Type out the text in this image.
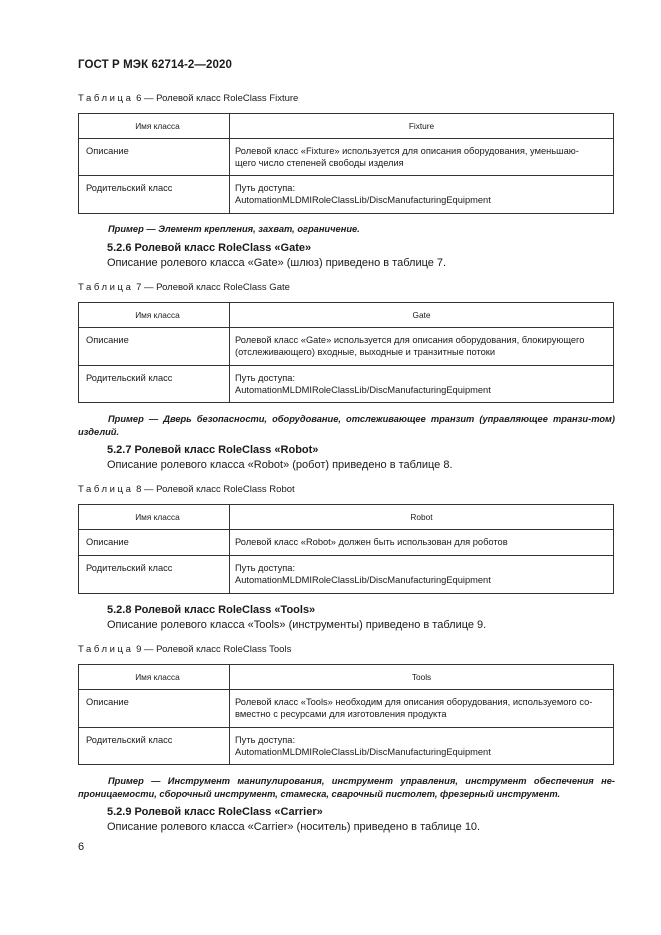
ГОСТ Р МЭК 62714-2—2020
Таблица 6 — Ролевой класс RoleClass Fixture
Имя класса	Fixture
Описание	Ролевой класс «Fixture» используется для описания оборудования, уменьшаю-
щего число степеней свободы изделия

Родительский класс	Путь доступа:
AutomationMLDMIRoleClassLib/DiscManufacturingEquipment
Пример — Элемент крепления, захват, ограничение.
5.2.6 Ролевой класс RoleClass «Gate»
Описание ролевого класса «Gate» (шлюз) приведено в таблице 7.
Таблица 7 — Ролевой класс RoleClass Gate
Имя класса	Gate
Описание	Ролевой класс «Gate» используется для описания оборудования, блокирующего
(отслеживающего) входные, выходные и транзитные потоки

Родительский класс	Путь доступа:
AutomationMLDMIRoleClassLib/DiscManufacturingEquipment
Пример — Дверь безопасности, оборудование, отслеживающее транзит (управляющее транзи-том) изделий.
5.2.7 Ролевой класс RoleClass «Robot»
Описание ролевого класса «Robot» (робот) приведено в таблице 8.
Таблица 8 — Ролевой класс RoleClass Robot
Имя класса	Robot
Описание	Ролевой класс «Robot» должен быть использован для роботов

Родительский класс	Путь доступа:
AutomationMLDMIRoleClassLib/DiscManufacturingEquipment
5.2.8 Ролевой класс RoleClass «Tools»
Описание ролевого класса «Tools» (инструменты) приведено в таблице 9.
Таблица 9 — Ролевой класс RoleClass Tools
Имя класса	Tools
Описание	Ролевой класс «Tools» необходим для описания оборудования, используемого со-
вместно с ресурсами для изготовления продукта

Родительский класс	Путь доступа:
AutomationMLDMIRoleClassLib/DiscManufacturingEquipment
Пример — Инструмент манипулирования, инструмент управления, инструмент обеспечения не-проницаемости, сборочный инструмент, стамеска, сварочный пистолет, фрезерный инструмент.
5.2.9 Ролевой класс RoleClass «Carrier»
Описание ролевого класса «Carrier» (носитель) приведено в таблице 10.
6
